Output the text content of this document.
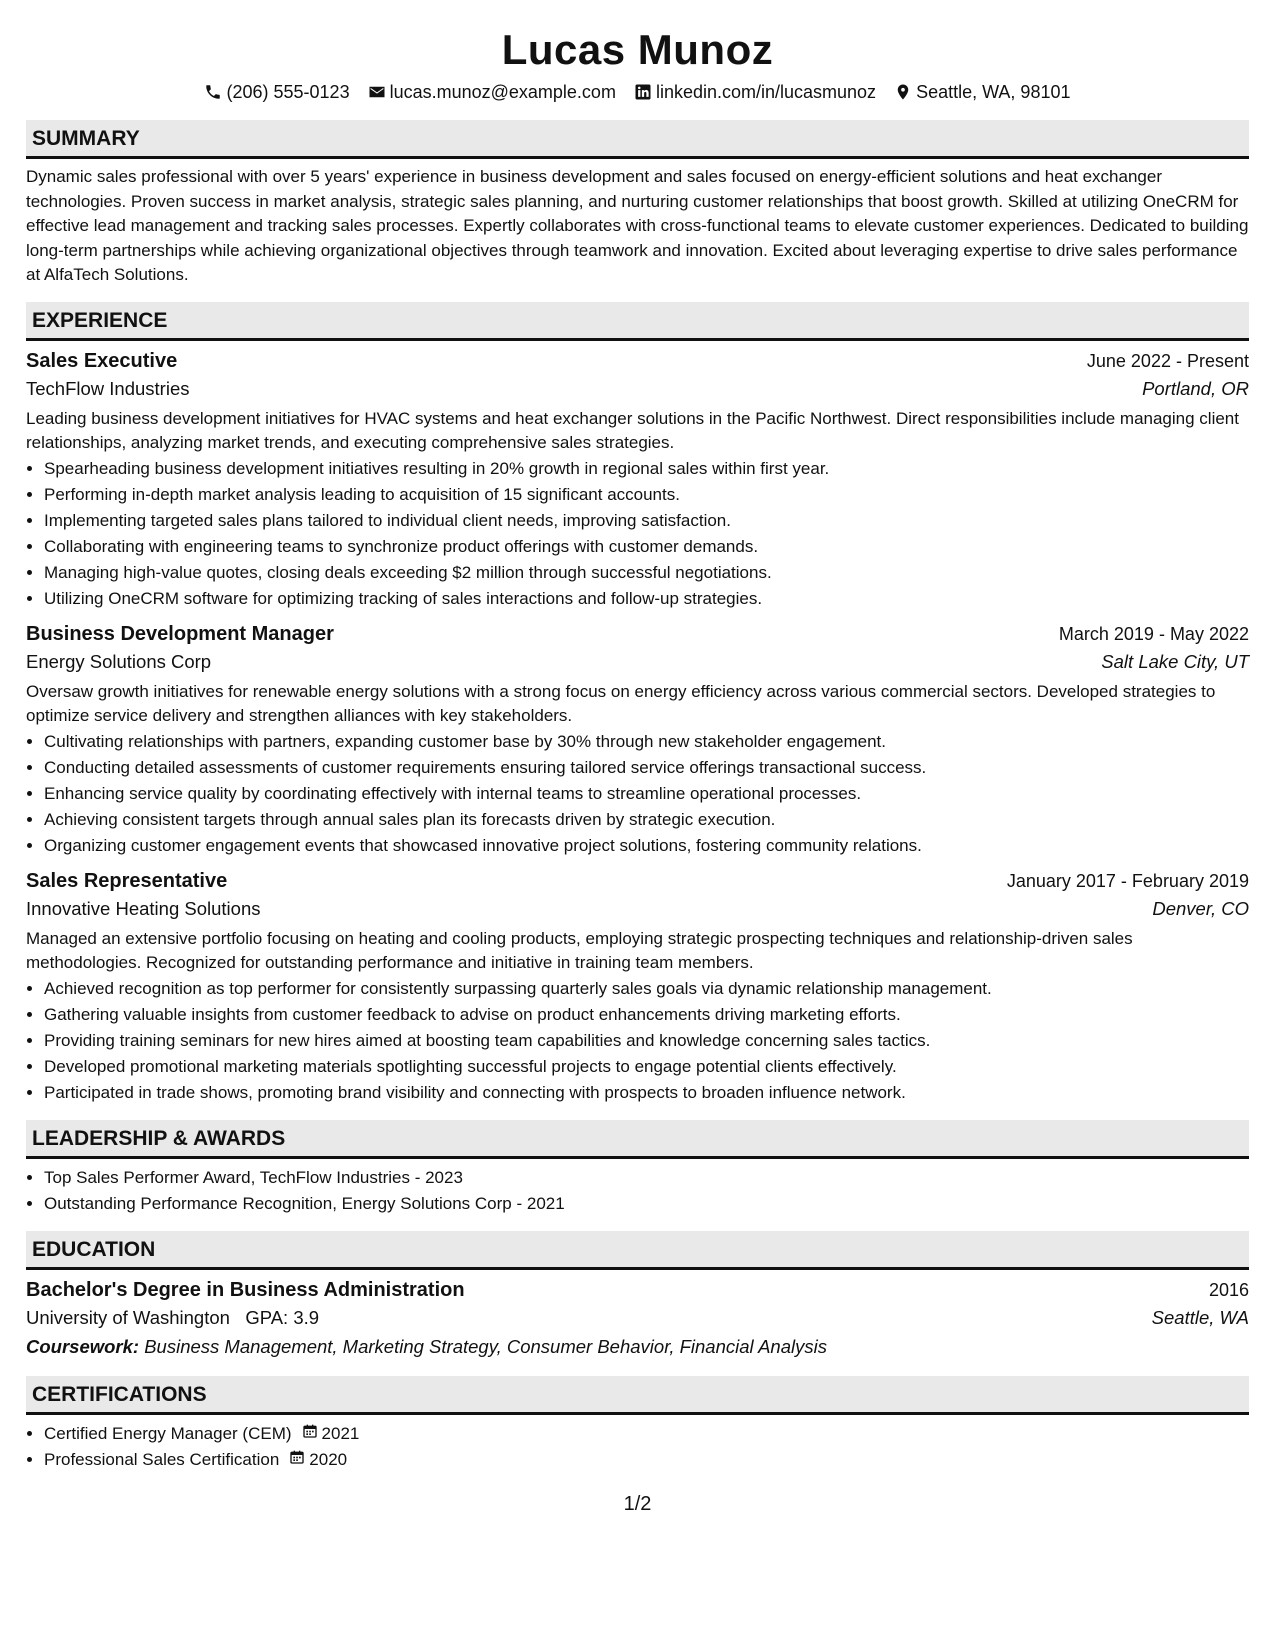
Lucas Munoz
(206) 555-0123 lucas.munoz@example.com linkedin.com/in/lucasmunoz Seattle, WA, 98101
SUMMARY

Dynamic sales professional with over 5 years' experience in business development and sales focused on energy-efficient solutions and heat exchanger technologies. Proven success in market analysis, strategic sales planning, and nurturing customer relationships that boost growth. Skilled at utilizing OneCRM for effective lead management and tracking sales processes. Expertly collaborates with cross-functional teams to elevate customer experiences. Dedicated to building long-term partnerships while achieving organizational objectives through teamwork and innovation. Excited about leveraging expertise to drive sales performance at AlfaTech Solutions.

EXPERIENCE
Sales Executive	June 2022 - Present
TechFlow Industries	Portland, OR

Leading business development initiatives for HVAC systems and heat exchanger solutions in the Pacific Northwest. Direct responsibilities include managing client relationships, analyzing market trends, and executing comprehensive sales strategies.

• Spearheading business development initiatives resulting in 20% growth in regional sales within first year.
• Performing in-depth market analysis leading to acquisition of 15 significant accounts.
• Implementing targeted sales plans tailored to individual client needs, improving satisfaction.
• Collaborating with engineering teams to synchronize product offerings with customer demands.
• Managing high-value quotes, closing deals exceeding $2 million through successful negotiations.
• Utilizing OneCRM software for optimizing tracking of sales interactions and follow-up strategies.
Business Development Manager	March 2019 - May 2022
Energy Solutions Corp	Salt Lake City, UT

Oversaw growth initiatives for renewable energy solutions with a strong focus on energy efficiency across various commercial sectors. Developed strategies to optimize service delivery and strengthen alliances with key stakeholders.

• Cultivating relationships with partners, expanding customer base by 30% through new stakeholder engagement.
• Conducting detailed assessments of customer requirements ensuring tailored service offerings transactional success.
• Enhancing service quality by coordinating effectively with internal teams to streamline operational processes.
• Achieving consistent targets through annual sales plan its forecasts driven by strategic execution.
• Organizing customer engagement events that showcased innovative project solutions, fostering community relations.
Sales Representative	January 2017 - February 2019
Innovative Heating Solutions	Denver, CO

Managed an extensive portfolio focusing on heating and cooling products, employing strategic prospecting techniques and relationship-driven sales methodologies. Recognized for outstanding performance and initiative in training team members.

• Achieved recognition as top performer for consistently surpassing quarterly sales goals via dynamic relationship management.
• Gathering valuable insights from customer feedback to advise on product enhancements driving marketing efforts.
• Providing training seminars for new hires aimed at boosting team capabilities and knowledge concerning sales tactics.
• Developed promotional marketing materials spotlighting successful projects to engage potential clients effectively.
• Participated in trade shows, promoting brand visibility and connecting with prospects to broaden influence network.
LEADERSHIP & AWARDS
• Top Sales Performer Award, TechFlow Industries - 2023
• Outstanding Performance Recognition, Energy Solutions Corp - 2021
EDUCATION
Bachelor's Degree in Business Administration	2016
University of Washington GPA: 3.9	Seattle, WA
Coursework: Business Management, Marketing Strategy, Consumer Behavior, Financial Analysis
CERTIFICATIONS
• Certified Energy Manager (CEM) 2021
• Professional Sales Certification 2020
1/2
